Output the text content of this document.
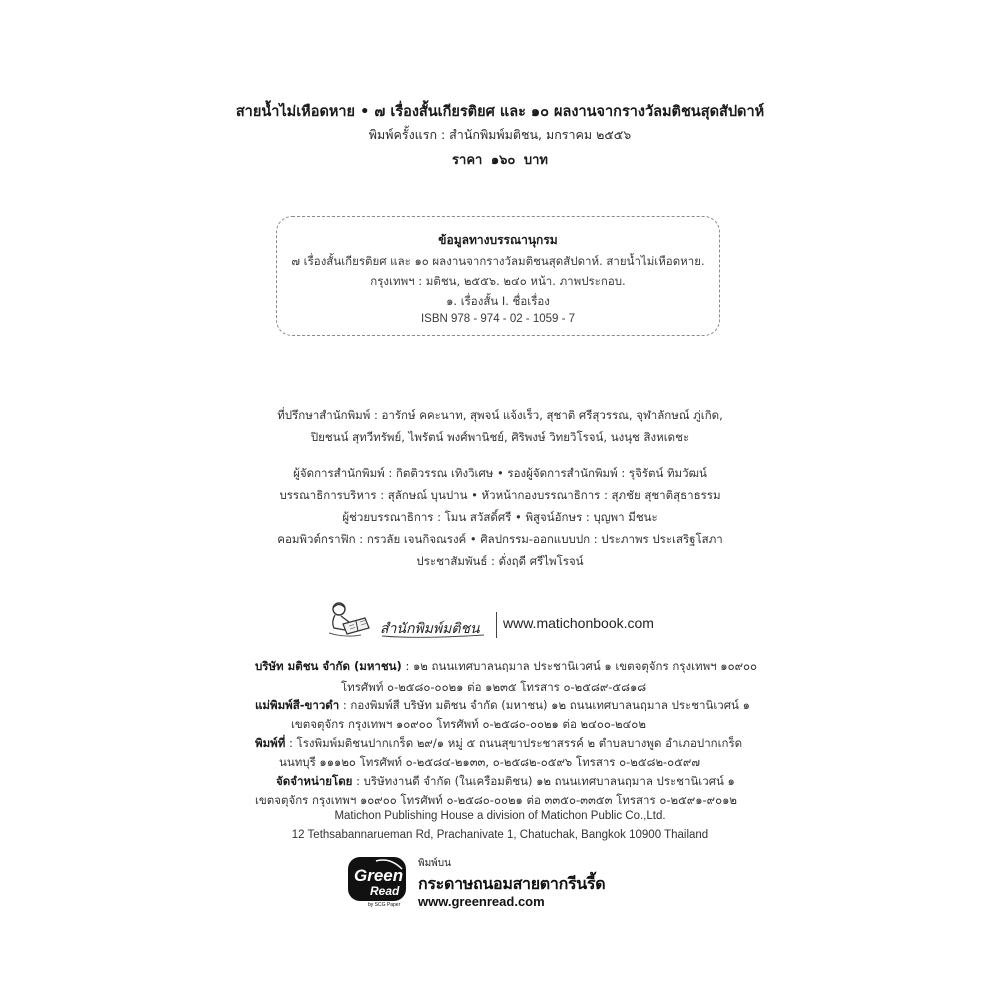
สายน้ำไม่เหือดหาย • ๗ เรื่องสั้นเกียรติยศ และ ๑๐ ผลงานจากรางวัลมติชนสุดสัปดาห์
พิมพ์ครั้งแรก : สำนักพิมพ์มติชน, มกราคม ๒๕๕๖
ราคา ๑๖๐ บาท
ข้อมูลทางบรรณานุกรม
๗ เรื่องสั้นเกียรติยศ และ ๑๐ ผลงานจากรางวัลมติชนสุดสัปดาห์. สายน้ำไม่เหือดหาย.
กรุงเทพฯ : มติชน, ๒๕๕๖. ๒๔๐ หน้า. ภาพประกอบ.
๑. เรื่องสั้น I. ชื่อเรื่อง
ISBN 978 - 974 - 02 - 1059 - 7
ที่ปรึกษาสำนักพิมพ์ : อารักษ์ คคะนาท, สุพจน์ แจ้งเร็ว, สุชาติ ศรีสุวรรณ, จุฬาลักษณ์ ภู่เกิด,
ปิยชนน์ สุทวีทรัพย์, ไพรัตน์ พงศ์พานิชย์, ศิริพงษ์ วิทยวิโรจน์, นงนุช สิงหเดชะ
ผู้จัดการสำนักพิมพ์ : กิตติวรรณ เทิงวิเศษ • รองผู้จัดการสำนักพิมพ์ : รุจิรัตน์ ทิมวัฒน์
บรรณาธิการบริหาร : สุลักษณ์ บุนปาน • หัวหน้ากองบรรณาธิการ : สุภชัย สุชาติสุธาธรรม
ผู้ช่วยบรรณาธิการ : โมน สวัสดิ์ศรี • พิสูจน์อักษร : บุญพา มีชนะ
คอมพิวต์กราฟิก : กรวลัย เจนกิจณรงค์ • ศิลปกรรม-ออกแบบปก : ประภาพร ประเสริฐโสภา
ประชาสัมพันธ์ : ดั่งฤดี ศรีไพโรจน์
สำนักพิมพ์มติชน www.matichonbook.com
บริษัท มติชน จำกัด (มหาชน) : ๑๒ ถนนเทศบาลนฤมาล ประชานิเวศน์ ๑ เขตจตุจักร กรุงเทพฯ ๑๐๙๐๐
โทรศัพท์ ๐-๒๕๘๐-๐๐๒๑ ต่อ ๑๒๓๕ โทรสาร ๐-๒๕๘๙-๕๘๑๘
แม่พิมพ์สี-ขาวดำ : กองพิมพ์สี บริษัท มติชน จำกัด (มหาชน) ๑๒ ถนนเทศบาลนฤมาล ประชานิเวศน์ ๑
เขตจตุจักร กรุงเทพฯ ๑๐๙๐๐ โทรศัพท์ ๐-๒๕๘๐-๐๐๒๑ ต่อ ๒๔๐๐-๒๔๐๒
พิมพ์ที่ : โรงพิมพ์มติชนปากเกร็ด ๒๙/๑ หมู่ ๕ ถนนสุขาประชาสรรค์ ๒ ตำบลบางพูด อำเภอปากเกร็ด
นนทบุรี ๑๑๑๒๐ โทรศัพท์ ๐-๒๕๘๔-๒๑๓๓, ๐-๒๕๘๒-๐๕๙๖ โทรสาร ๐-๒๕๘๒-๐๕๙๗
จัดจำหน่ายโดย : บริษัทงานดี จำกัด (ในเครือมติชน) ๑๒ ถนนเทศบาลนฤมาล ประชานิเวศน์ ๑
เขตจตุจักร กรุงเทพฯ ๑๐๙๐๐ โทรศัพท์ ๐-๒๕๘๐-๐๐๒๑ ต่อ ๓๓๕๐-๓๓๕๓ โทรสาร ๐-๒๕๙๑-๙๐๑๒
Matichon Publishing House a division of Matichon Public Co.,Ltd.
12 Tethsabannarueman Rd, Prachanivate 1, Chatuchak, Bangkok 10900 Thailand
Green
Read
by SCG Paper
พิมพ์บน
กระดาษถนอมสายตากรีนรี้ด
www.greenread.com
